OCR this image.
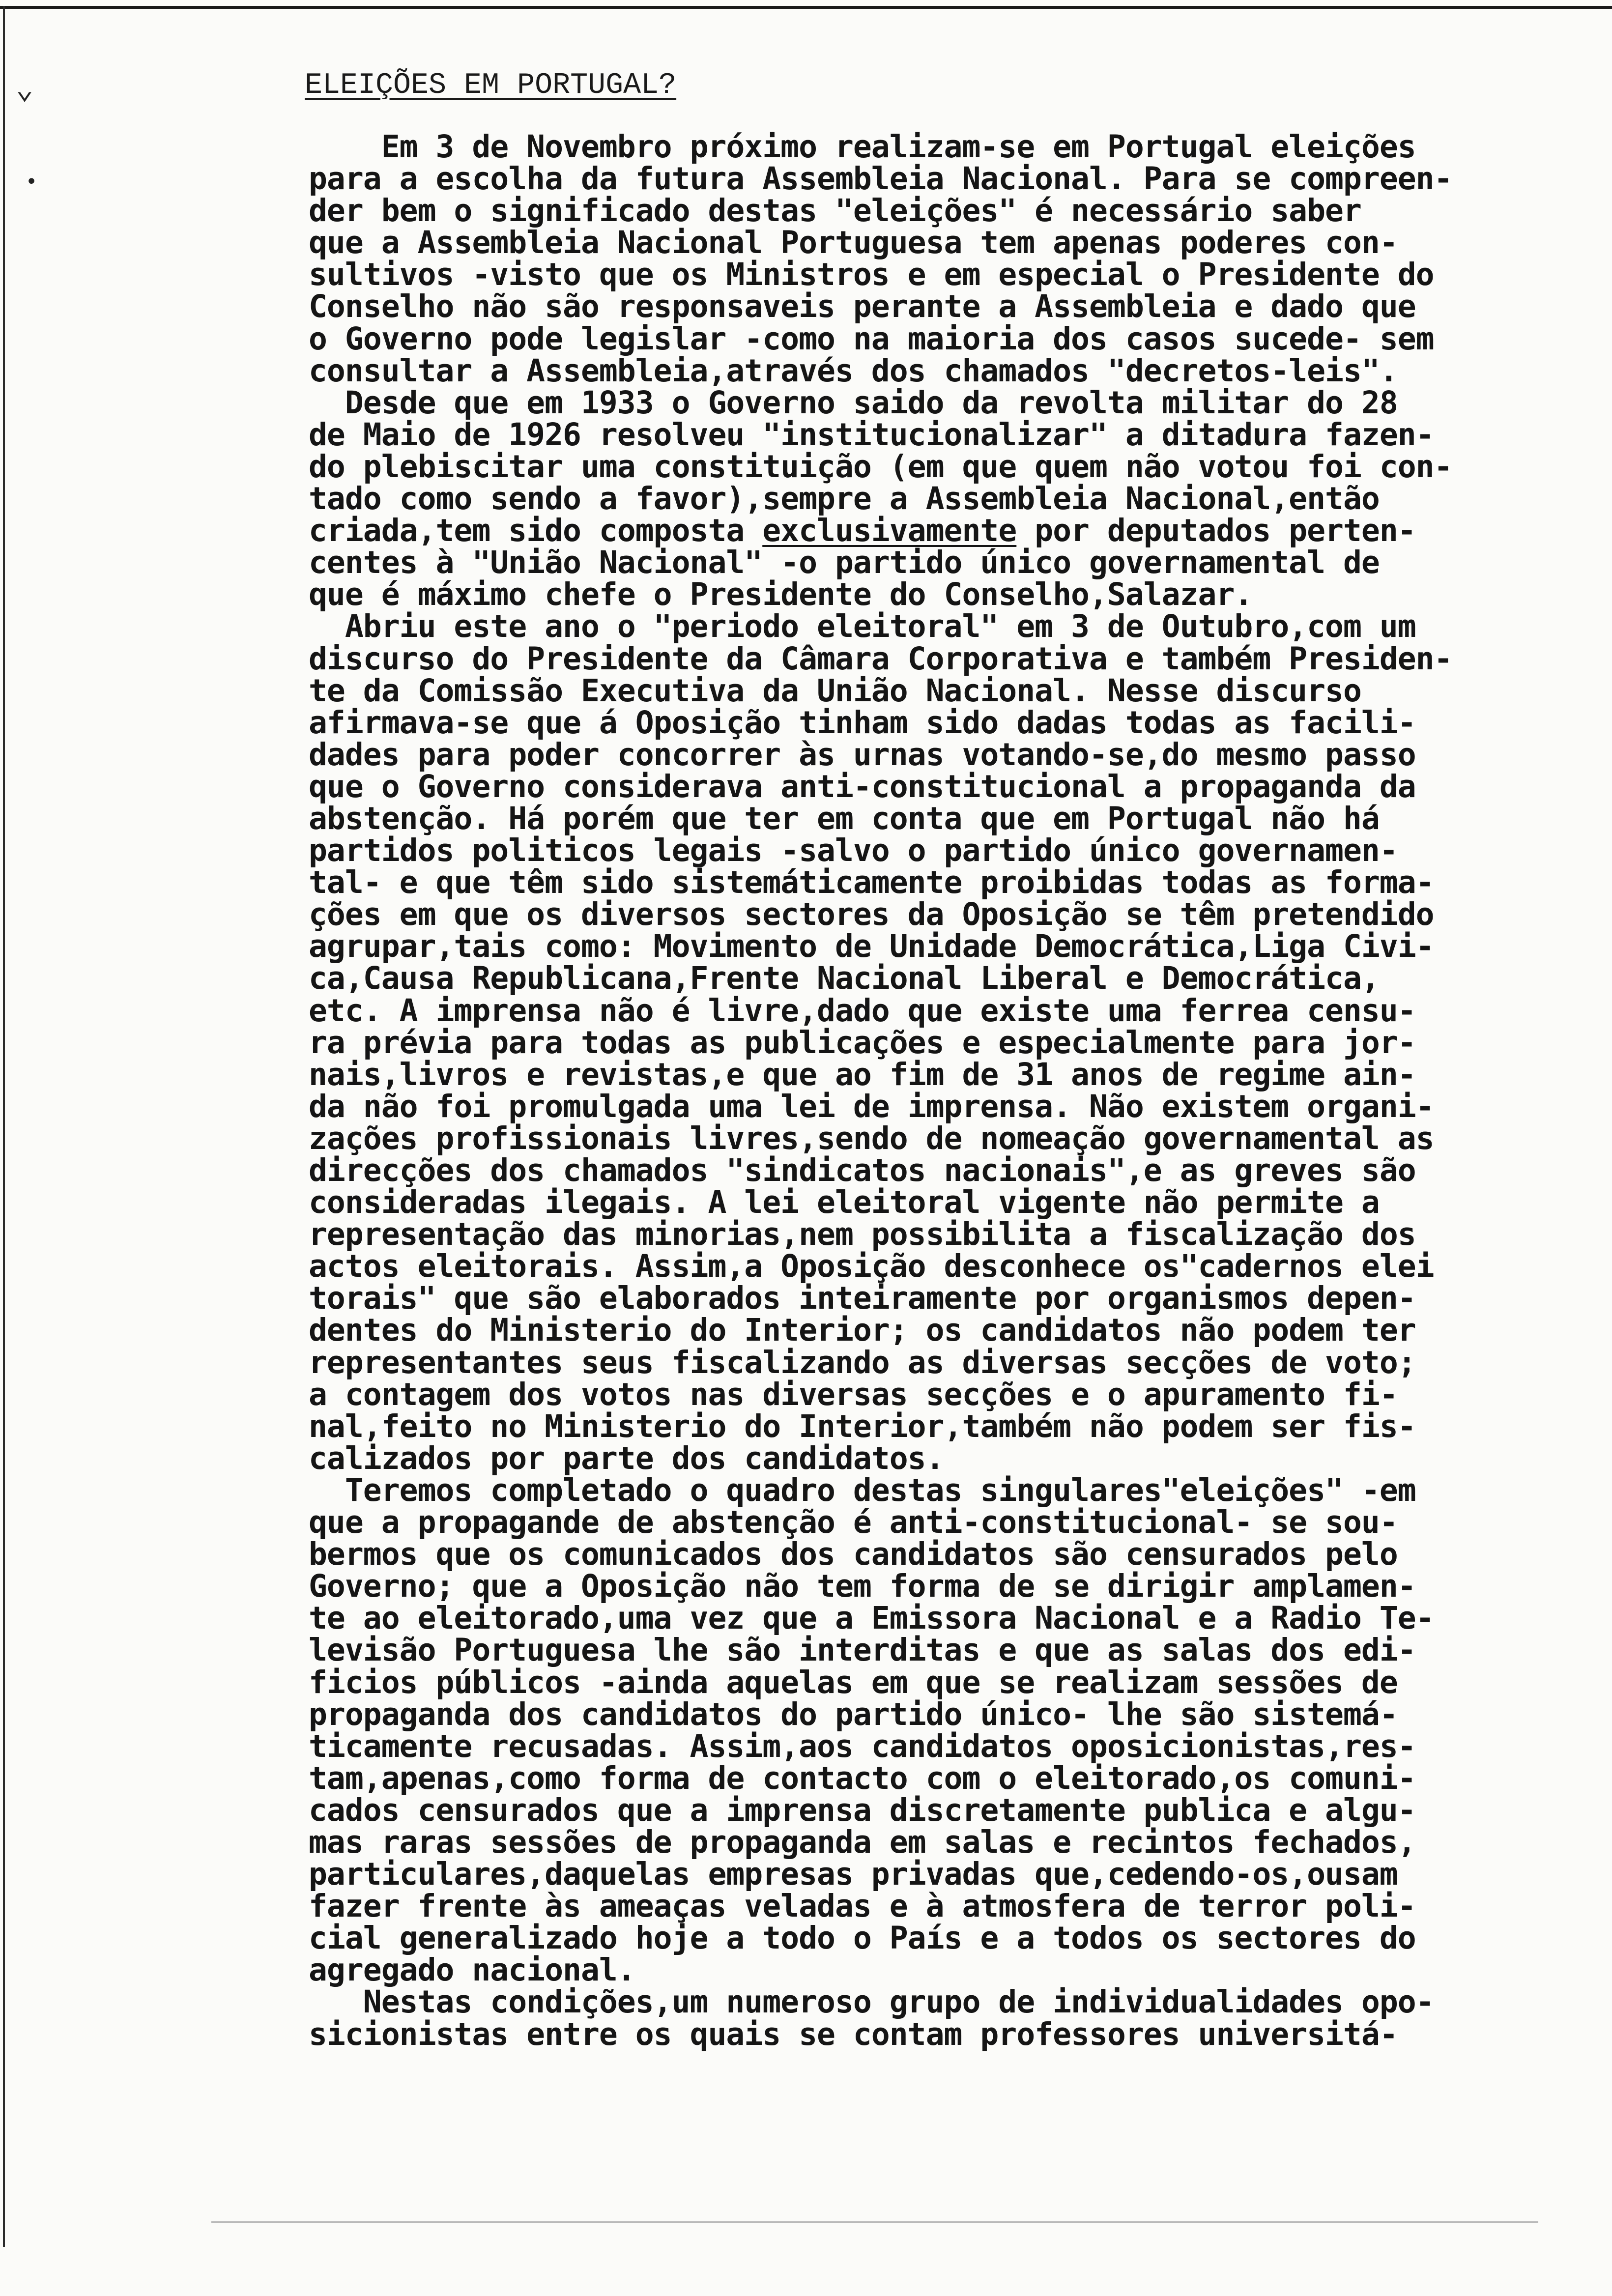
⌄
•
ELEIÇÕES EM PORTUGAL?
Em 3 de Novembro próximo realizam-se em Portugal eleições
para a escolha da futura Assembleia Nacional. Para se compreen-
der bem o significado destas "eleições" é necessário saber
que a Assembleia Nacional Portuguesa tem apenas poderes con-
sultivos -visto que os Ministros e em especial o Presidente do
Conselho não são responsaveis perante a Assembleia e dado que
o Governo pode legislar -como na maioria dos casos sucede- sem
consultar a Assembleia,através dos chamados "decretos-leis".
Desde que em 1933 o Governo saido da revolta militar do 28
de Maio de 1926 resolveu "institucionalizar" a ditadura fazen-
do plebiscitar uma constituição (em que quem não votou foi con-
tado como sendo a favor),sempre a Assembleia Nacional,então
criada,tem sido composta exclusivamente por deputados perten-
centes à "União Nacional" -o partido único governamental de
que é máximo chefe o Presidente do Conselho,Salazar.
Abriu este ano o "periodo eleitoral" em 3 de Outubro,com um
discurso do Presidente da Câmara Corporativa e também Presiden-
te da Comissão Executiva da União Nacional. Nesse discurso
afirmava-se que á Oposição tinham sido dadas todas as facili-
dades para poder concorrer às urnas votando-se,do mesmo passo
que o Governo considerava anti-constitucional a propaganda da
abstenção. Há porém que ter em conta que em Portugal não há
partidos politicos legais -salvo o partido único governamen-
tal- e que têm sido sistemáticamente proibidas todas as forma-
ções em que os diversos sectores da Oposição se têm pretendido
agrupar,tais como: Movimento de Unidade Democrática,Liga Civi-
ca,Causa Republicana,Frente Nacional Liberal e Democrática,
etc. A imprensa não é livre,dado que existe uma ferrea censu-
ra prévia para todas as publicações e especialmente para jor-
nais,livros e revistas,e que ao fim de 31 anos de regime ain-
da não foi promulgada uma lei de imprensa. Não existem organi-
zações profissionais livres,sendo de nomeação governamental as
direcções dos chamados "sindicatos nacionais",e as greves são
consideradas ilegais. A lei eleitoral vigente não permite a
representação das minorias,nem possibilita a fiscalização dos
actos eleitorais. Assim,a Oposição desconhece os"cadernos elei
torais" que são elaborados inteiramente por organismos depen-
dentes do Ministerio do Interior; os candidatos não podem ter
representantes seus fiscalizando as diversas secções de voto;
a contagem dos votos nas diversas secções e o apuramento fi-
nal,feito no Ministerio do Interior,também não podem ser fis-
calizados por parte dos candidatos.
Teremos completado o quadro destas singulares"eleições" -em
que a propagande de abstenção é anti-constitucional- se sou-
bermos que os comunicados dos candidatos são censurados pelo
Governo; que a Oposição não tem forma de se dirigir amplamen-
te ao eleitorado,uma vez que a Emissora Nacional e a Radio Te-
levisão Portuguesa lhe são interditas e que as salas dos edi-
ficios públicos -ainda aquelas em que se realizam sessões de
propaganda dos candidatos do partido único- lhe são sistemá-
ticamente recusadas. Assim,aos candidatos oposicionistas,res-
tam,apenas,como forma de contacto com o eleitorado,os comuni-
cados censurados que a imprensa discretamente publica e algu-
mas raras sessões de propaganda em salas e recintos fechados,
particulares,daquelas empresas privadas que,cedendo-os,ousam
fazer frente às ameaças veladas e à atmosfera de terror poli-
cial generalizado hoje a todo o País e a todos os sectores do
agregado nacional.
Nestas condições,um numeroso grupo de individualidades opo-
sicionistas entre os quais se contam professores universitá-
